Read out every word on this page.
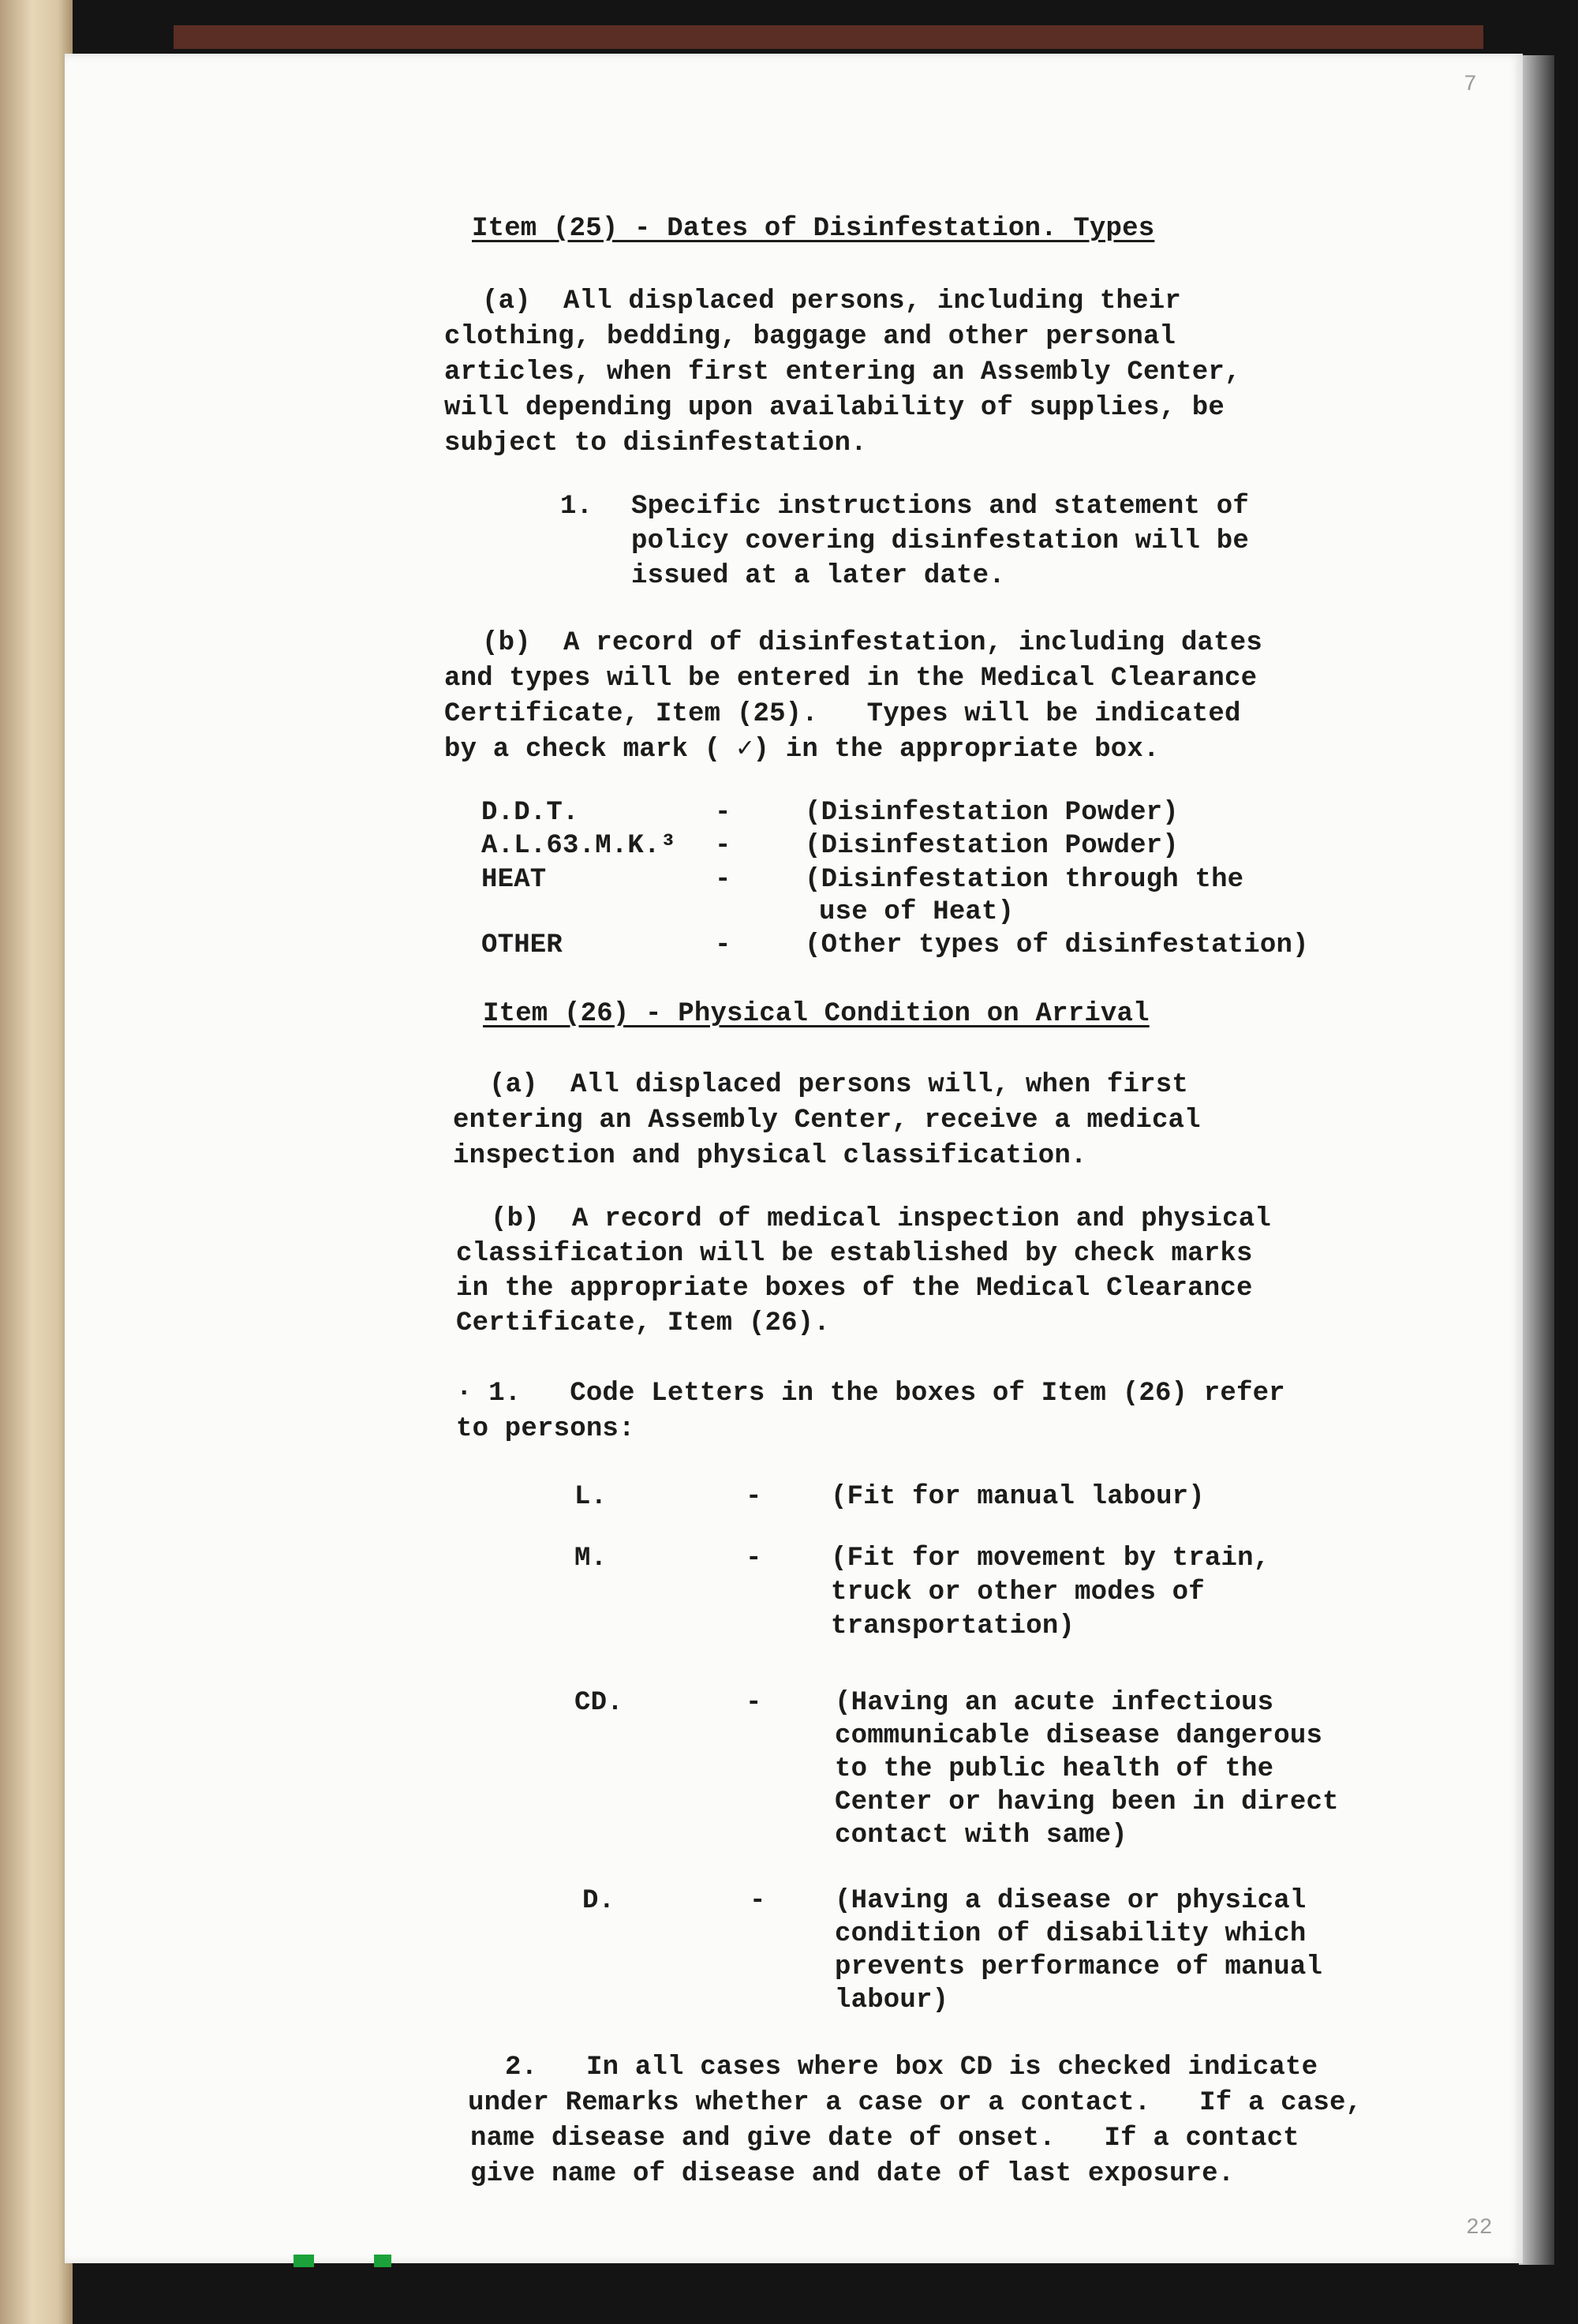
Item (25) - Dates of Disinfestation. Types

(a)  All displaced persons, including their

clothing, bedding, baggage and other personal

articles, when first entering an Assembly Center,

will depending upon availability of supplies, be

subject to disinfestation.

1. Specific instructions and statement of

policy covering disinfestation will be

issued at a later date.

(b)  A record of disinfestation, including dates

and types will be entered in the Medical Clearance

Certificate, Item (25).   Types will be indicated

by a check mark ( ✓) in the appropriate box.

D.D.T.	-	(Disinfestation Powder)

A.L.63.M.K.³ -	(Disinfestation Powder)

HEAT	-	(Disinfestation through the

use of Heat)

OTHER	-	(Other types of disinfestation)

Item (26) - Physical Condition on Arrival

(a)  All displaced persons will, when first

entering an Assembly Center, receive a medical

inspection and physical classification.

(b)  A record of medical inspection and physical

classification will be established by check marks

in the appropriate boxes of the Medical Clearance

Certificate, Item (26).

· 1.   Code Letters in the boxes of Item (26) refer

to persons:

L.	-	(Fit for manual labour)

M.	-	(Fit for movement by train,

truck or other modes of

transportation)

CD.	-	(Having an acute infectious

communicable disease dangerous

to the public health of the

Center or having been in direct

contact with same)

D.	-	(Having a disease or physical

condition of disability which

prevents performance of manual

labour)

2.   In all cases where box CD is checked indicate

under Remarks whether a case or a contact.   If a case,

name disease and give date of onset.   If a contact

give name of disease and date of last exposure.

7
22
